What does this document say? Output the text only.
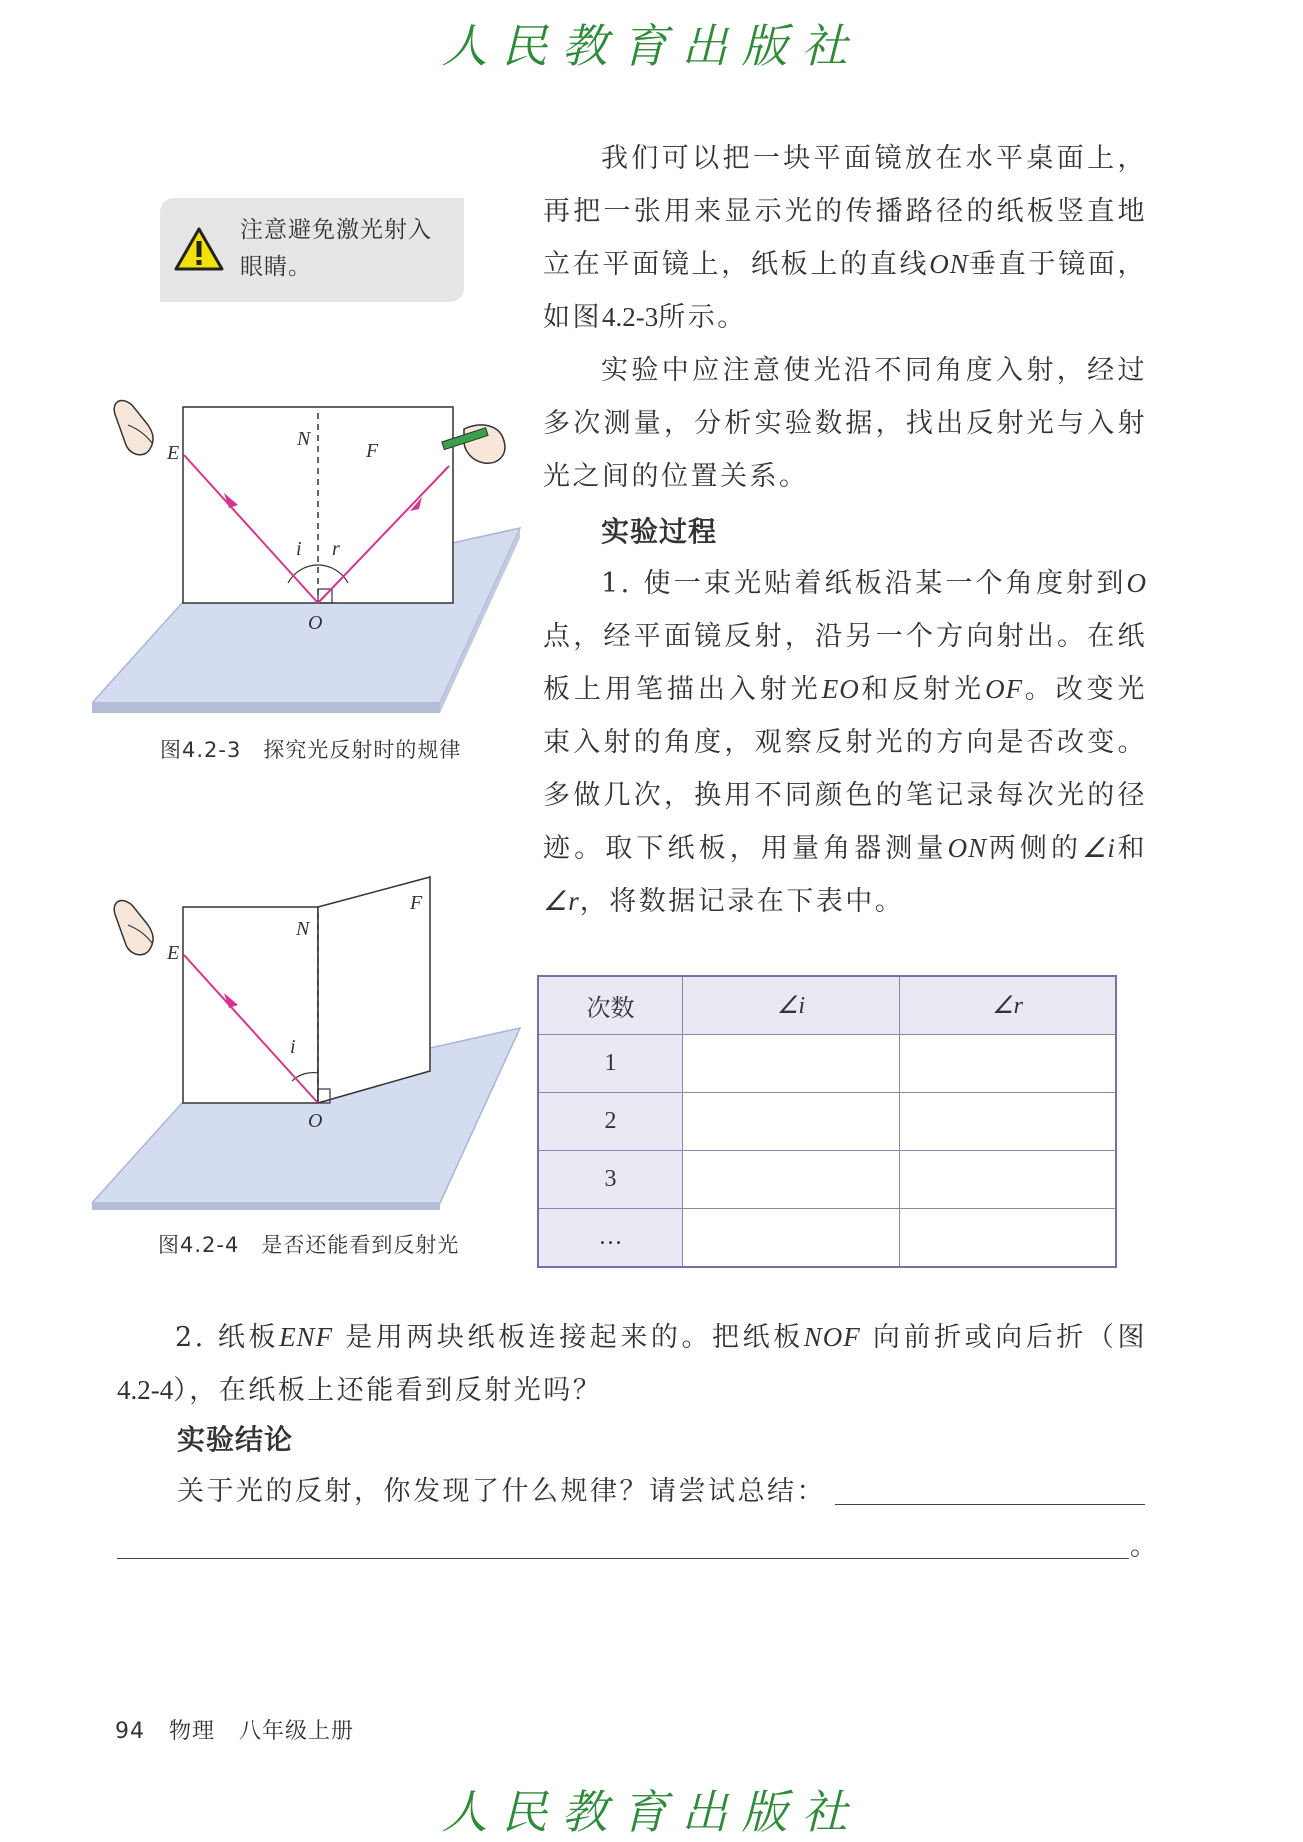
人民教育出版社
注意避免激光射入
眼睛。
我们可以把一块平面镜放在水平桌面上，再把一张用来显示光的传播路径的纸板竖直地立在平面镜上，纸板上的直线ON垂直于镜面，如图4.2-3所示。
实验中应注意使光沿不同角度入射，经过多次测量，分析实验数据，找出反射光与入射光之间的位置关系。
实验过程
1. 使一束光贴着纸板沿某一个角度射到O点，经平面镜反射，沿另一个方向射出。在纸板上用笔描出入射光EO和反射光OF。改变光束入射的角度，观察反射光的方向是否改变。多做几次，换用不同颜色的笔记录每次光的径迹。取下纸板，用量角器测量ON两侧的∠i和∠r，将数据记录在下表中。
N
E	F
O
i r
图4.2-3　探究光反射时的规律
N
E
F
O
i
图4.2-4　是否还能看到反射光
次数	∠i	∠r
1		
2		
3		
…		
2. 纸板ENF 是用两块纸板连接起来的。把纸板NOF 向前折或向后折（图4.2-4），在纸板上还能看到反射光吗？
实验结论
关于光的反射，你发现了什么规律？请尝试总结：
。
94 物理 八年级上册
人民教育出版社
